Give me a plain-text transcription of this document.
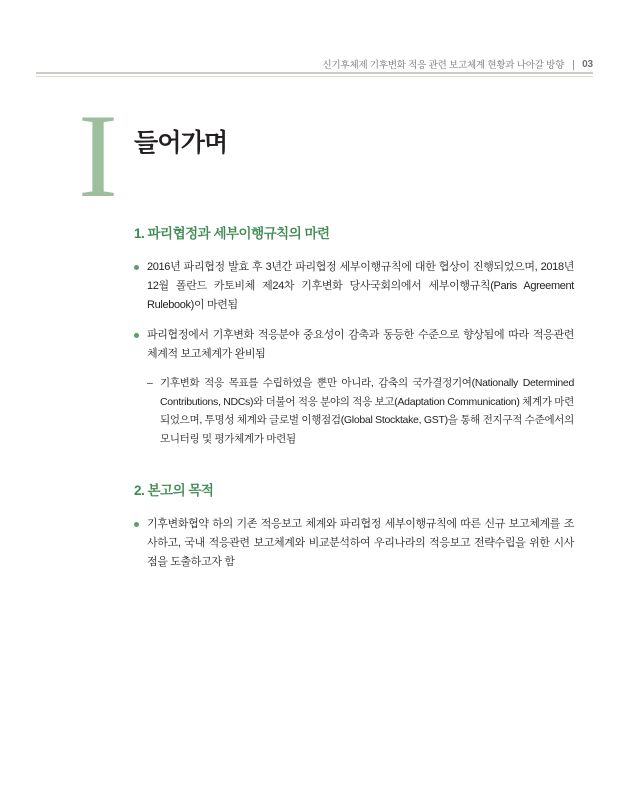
신기후체제 기후변화 적응 관련 보고체계 현황과 나아갈 방향 03
I 들어가며
1. 파리협정과 세부이행규칙의 마련

2016년 파리협정 발효 후 3년간 파리협정 세부이행규칙에 대한 협상이 진행되었으며, 2018년 12월 폴란드 카토비체 제24차 기후변화 당사국회의에서 세부이행규칙(Paris Agreement Rulebook)이 마련됨

파리협정에서 기후변화 적응분야 중요성이 감축과 동등한 수준으로 향상됨에 따라 적응관련 체계적 보고체계가 완비됨

– 기후변화 적응 목표를 수립하였을 뿐만 아니라, 감축의 국가결정기여(Nationally Determined Contributions, NDCs)와 더불어 적응 분야의 적응 보고(Adaptation Communication) 체계가 마련되었으며, 투명성 체계와 글로벌 이행점검(Global Stocktake, GST)을 통해 전지구적 수준에서의 모니터링 및 평가체계가 마련됨

2. 본고의 목적

기후변화협약 하의 기존 적응보고 체계와 파리협정 세부이행규칙에 따른 신규 보고체계를 조사하고, 국내 적응관련 보고체계와 비교분석하여 우리나라의 적응보고 전략수립을 위한 시사점을 도출하고자 함
